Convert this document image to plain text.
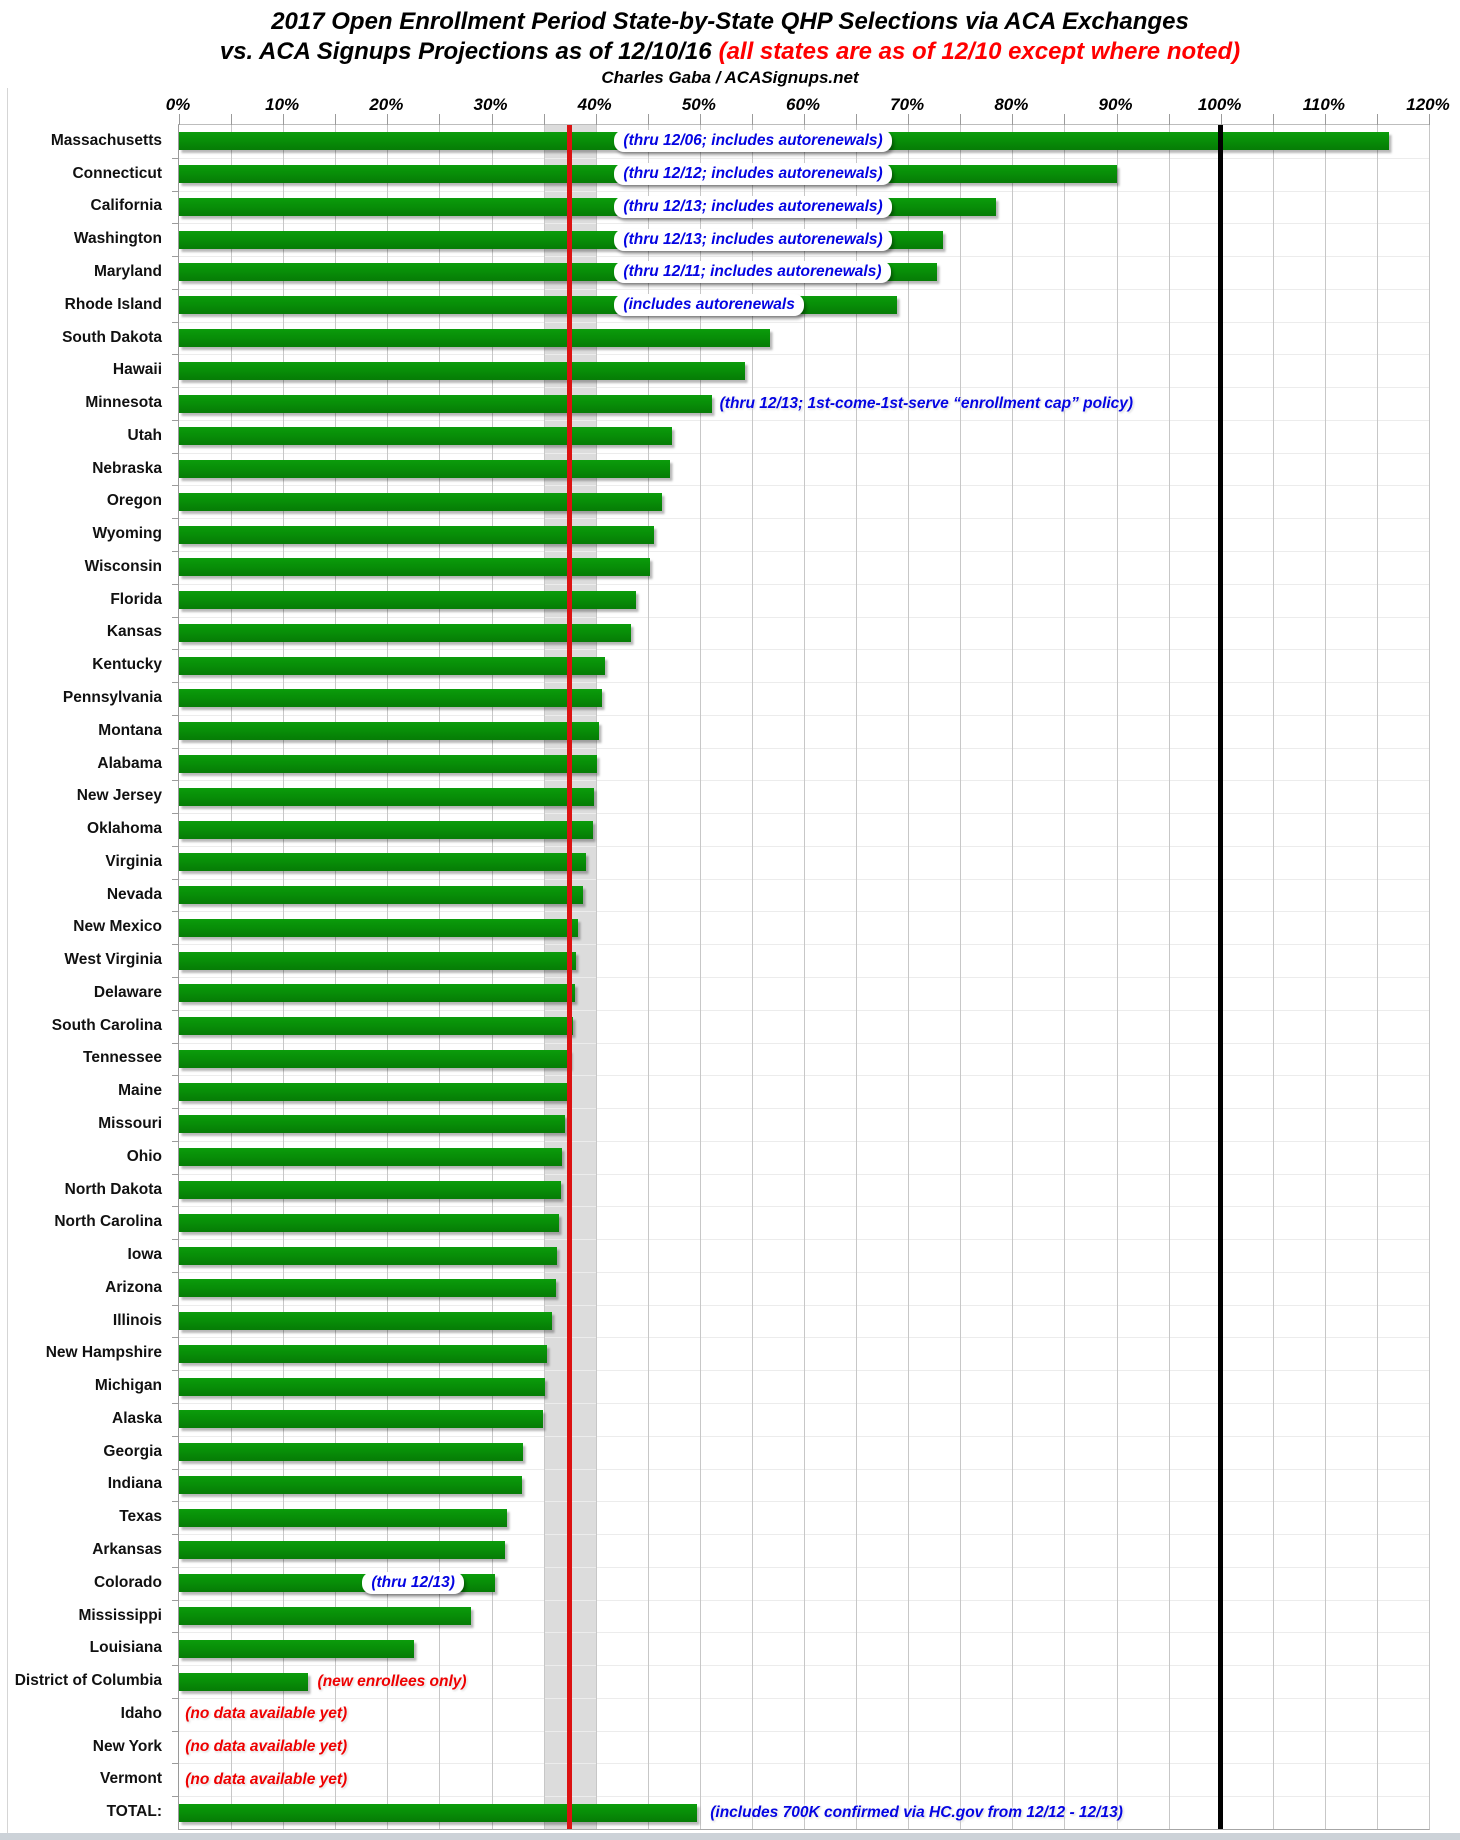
2017 Open Enrollment Period State-by-State QHP Selections via ACA Exchanges
vs. ACA Signups Projections as of 12/10/16 (all states are as of 12/10 except where noted)
Charles Gaba / ACASignups.net
0%	10%	20%	30%	40%	50%	60%	70%	80%	90%	100%	110%	120%
Massachusetts
Connecticut
California
Washington
Maryland
Rhode Island
South Dakota
Hawaii
Minnesota
Utah
Nebraska
Oregon
Wyoming
Wisconsin
Florida
Kansas
Kentucky
Pennsylvania
Montana
Alabama
New Jersey
Oklahoma
Virginia
Nevada
New Mexico
West Virginia
Delaware
South Carolina
Tennessee
Maine
Missouri
Ohio
North Dakota
North Carolina
Iowa
Arizona
Illinois
New Hampshire
Michigan
Alaska
Georgia
Indiana
Texas
Arkansas
Colorado
Mississippi
Louisiana
District of Columbia
Idaho
New York
Vermont
TOTAL:
(thru 12/06; includes autorenewals)
(thru 12/12; includes autorenewals)
(thru 12/13; includes autorenewals)
(thru 12/13; includes autorenewals)
(thru 12/11; includes autorenewals)
(includes autorenewals
(thru 12/13; 1st-come-1st-serve “enrollment cap” policy)
(thru 12/13)
(new enrollees only)
(no data available yet)
(no data available yet)
(no data available yet)
(includes 700K confirmed via HC.gov from 12/12 - 12/13)
